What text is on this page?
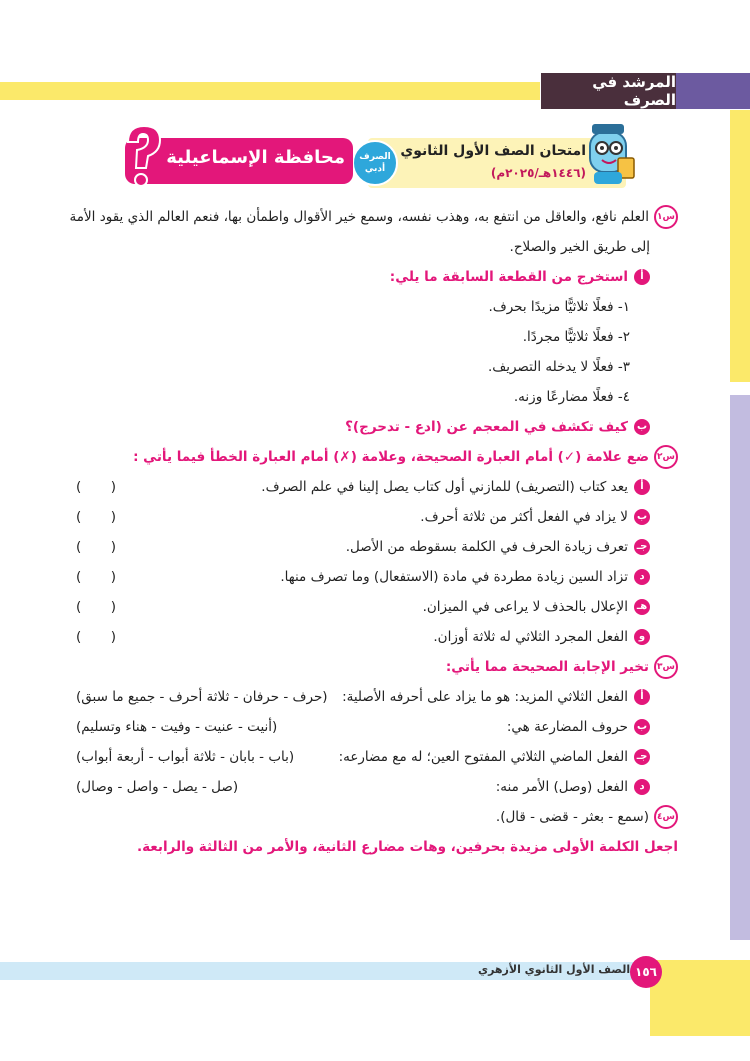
المرشد في الصرف
امتحان الصف الأول الثانوي
(١٤٤٦هـ/٢٠٢٥م)
الصرف
أدبي
محافظة الإسماعيلية
س١العلم نافع، والعاقل من انتفع به، وهذب نفسه، وسمع خير الأقوال واطمأن بها، فنعم العالم الذي يقود الأمة
إلى طريق الخير والصلاح.
أاستخرج من القطعة السابقة ما يلي:
١- فعلًا ثلاثيًّا مزيدًا بحرف.
٢- فعلًا ثلاثيًّا مجردًا.
٣- فعلًا لا يدخله التصريف.
٤- فعلًا مضارعًا وزنه.
بكيف تكشف في المعجم عن (ادع - تدحرج)؟
س٢ضع علامة (✓) أمام العبارة الصحيحة، وعلامة (✗) أمام العبارة الخطأ فيما يأتي :
أيعد كتاب (التصريف) للمازني أول كتاب يصل إلينا في علم الصرف.
( )
بلا يزاد في الفعل أكثر من ثلاثة أحرف.
( )
جـتعرف زيادة الحرف في الكلمة بسقوطه من الأصل.
( )
دتزاد السين زيادة مطردة في مادة (الاستفعال) وما تصرف منها.
( )
هـالإعلال بالحذف لا يراعى في الميزان.
( )
والفعل المجرد الثلاثي له ثلاثة أوزان.
( )
س٣تخير الإجابة الصحيحة مما يأتي:
أالفعل الثلاثي المزيد: هو ما يزاد على أحرفه الأصلية:
(حرف - حرفان - ثلاثة أحرف - جميع ما سبق)
بحروف المضارعة هي:
(أنيت - عنيت - وفيت - هناء وتسليم)
جـالفعل الماضي الثلاثي المفتوح العين؛ له مع مضارعه:
(باب - بابان - ثلاثة أبواب - أربعة أبواب)
دالفعل (وصل) الأمر منه:
(صل - يصل - واصل - وصال)
س٤(سمع - بعثر - قضى - قال).
اجعل الكلمة الأولى مزيدة بحرفين، وهات مضارع الثانية، والأمر من الثالثة والرابعة.
١٥٦
الصف الأول الثانوي الأزهري
